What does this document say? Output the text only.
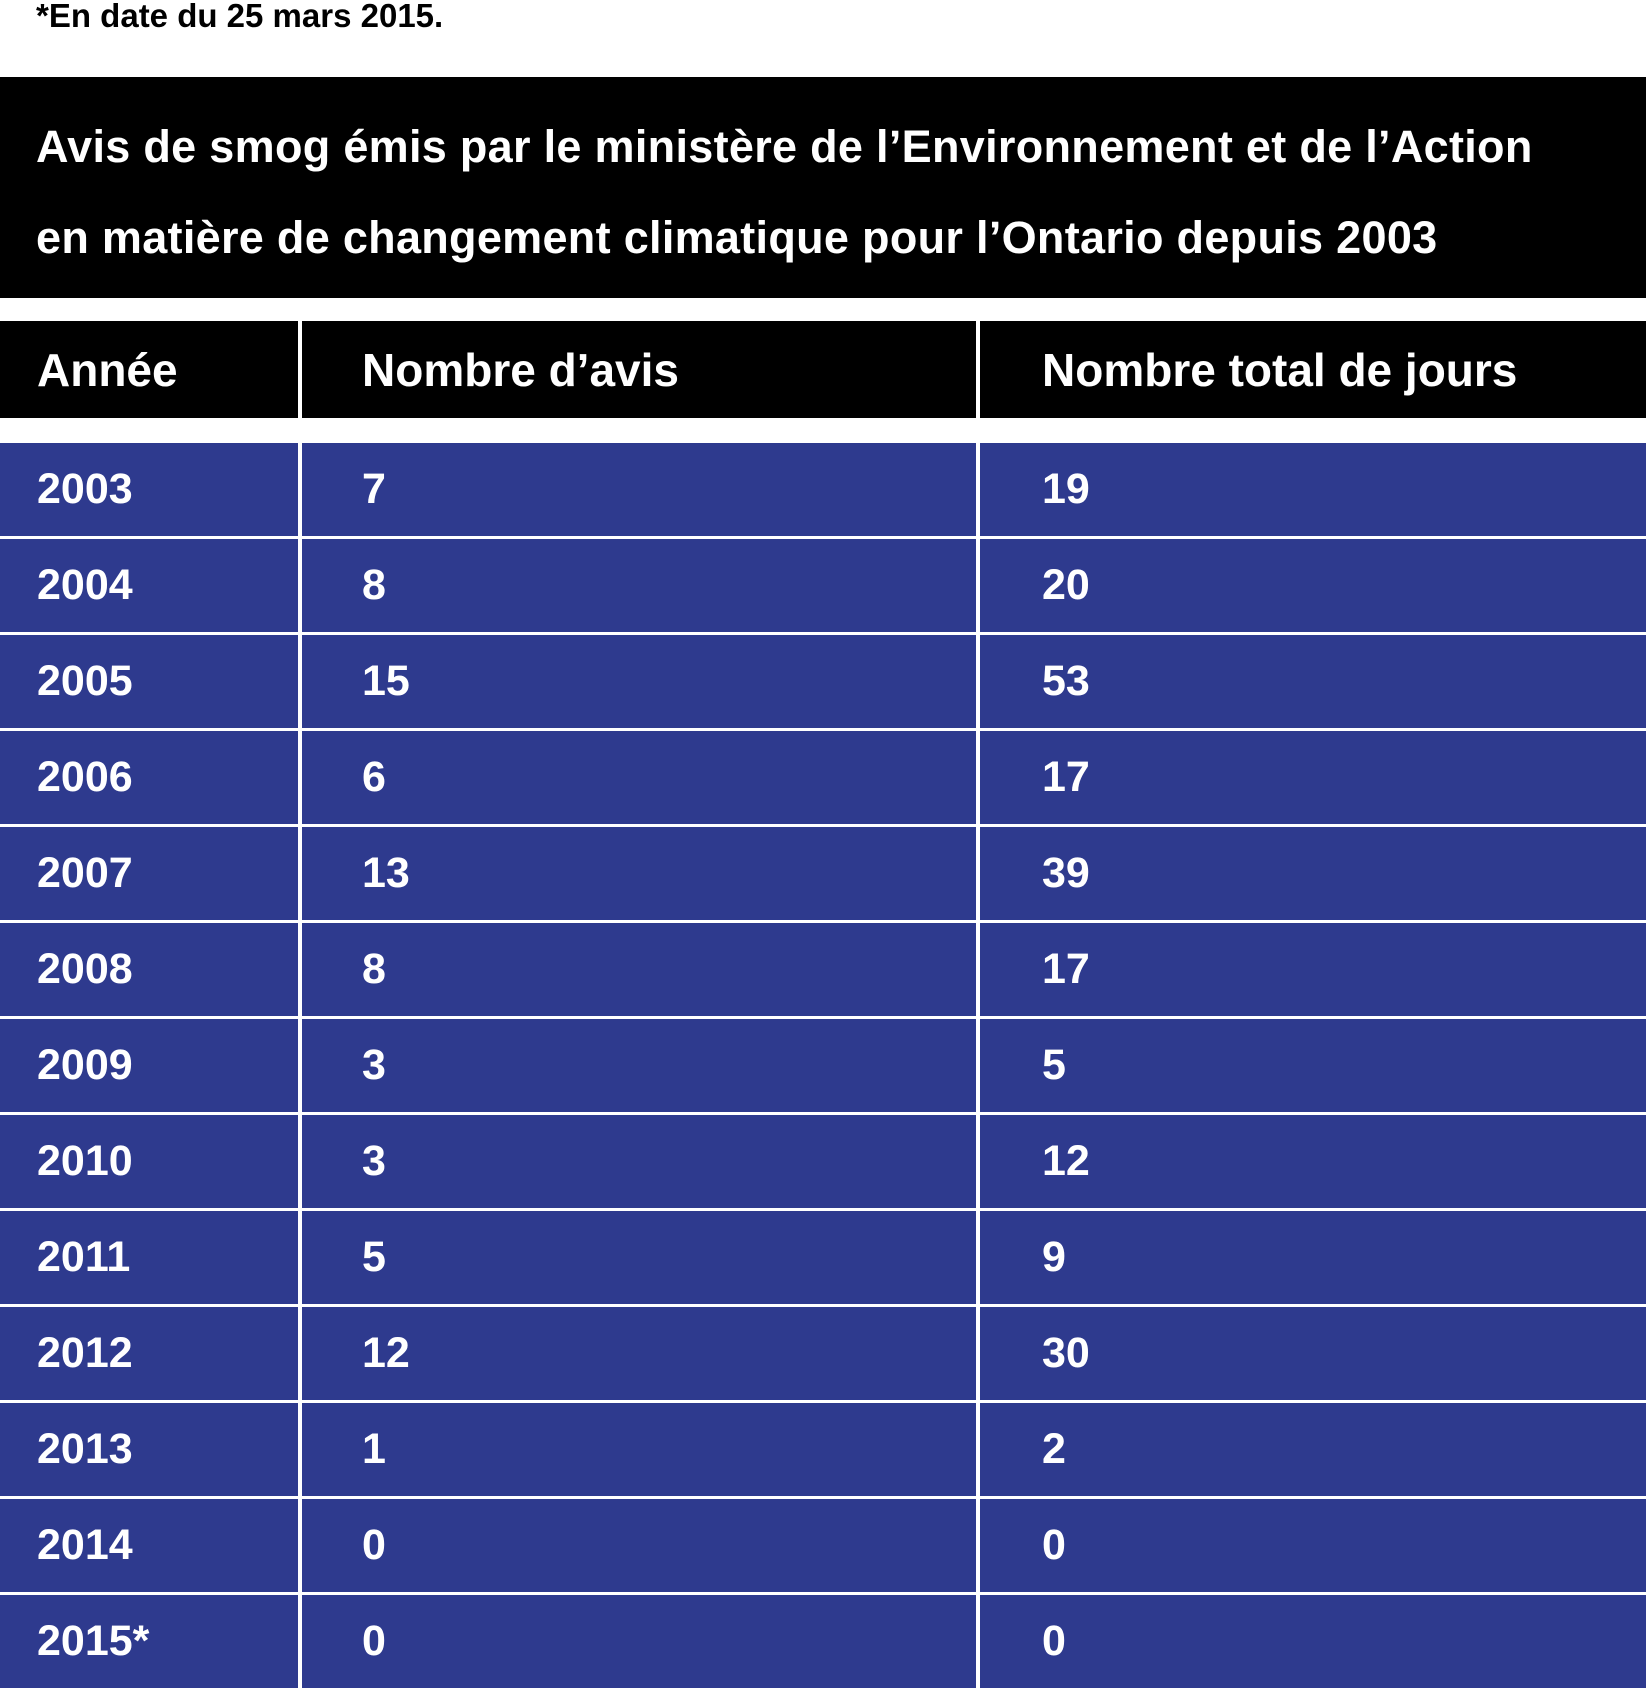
*En date du 25 mars 2015.
Avis de smog émis par le ministère de l’Environnement et de l’Action
en matière de changement climatique pour l’Ontario depuis 2003
Année	Nombre d’avis	Nombre total de jours
2003	7	19
2004	8	20
2005	15	53
2006	6	17
2007	13	39
2008	8	17
2009	3	5
2010	3	12
2011	5	9
2012	12	30
2013	1	2
2014	0	0
2015*	0	0
